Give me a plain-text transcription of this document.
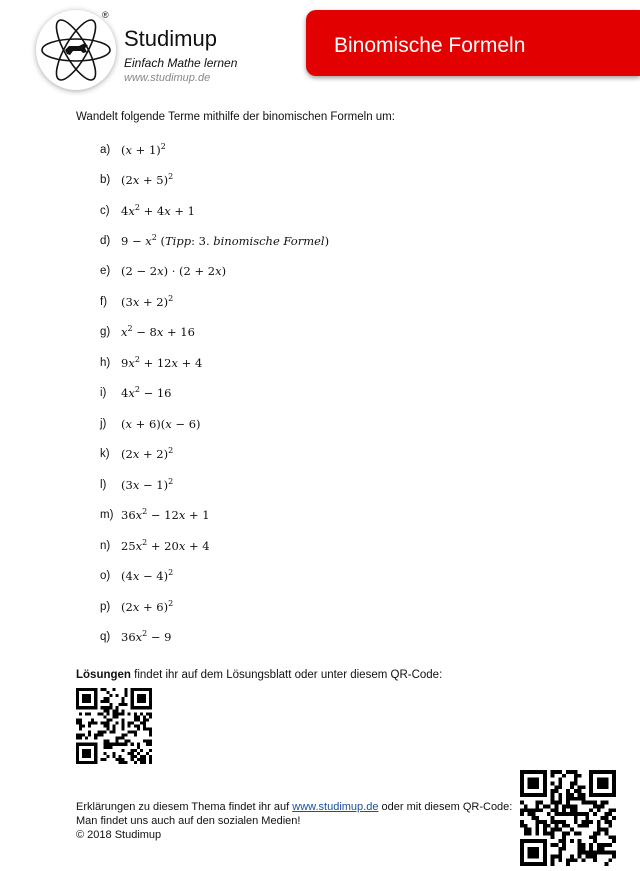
®
Studimup
Einfach Mathe lernen
www.studimup.de
Binomische Formeln
Wandelt folgende Terme mithilfe der binomischen Formeln um:
a) $(x + 1)^2$
b) $(2x + 5)^2$
c) $4x^2 + 4x + 1$
d) $9 - x^2$ (Tipp: 3. binomische Formel)
e) (2 − 2x) · (2 + 2x)
f) $(3x + 2)^2$
g) $x^2 - 8x + 16$
h) $9x^2 + 12x + 4$
i) $4x^2 - 16$
j) (x + 6)(x − 6)
k) $(2x + 2)^2$
l) $(3x - 1)^2$
m) $36x^2 - 12x + 1$
n) $25x^2 + 20x + 4$
o) $(4x - 4)^2$
p) $(2x + 6)^2$
q) $36x^2 - 9$
Lösungen findet ihr auf dem Lösungsblatt oder unter diesem QR-Code:
Erklärungen zu diesem Thema findet ihr auf www.studimup.de oder mit diesem QR-Code:
Man findet uns auch auf den sozialen Medien!
© 2018 Studimup
